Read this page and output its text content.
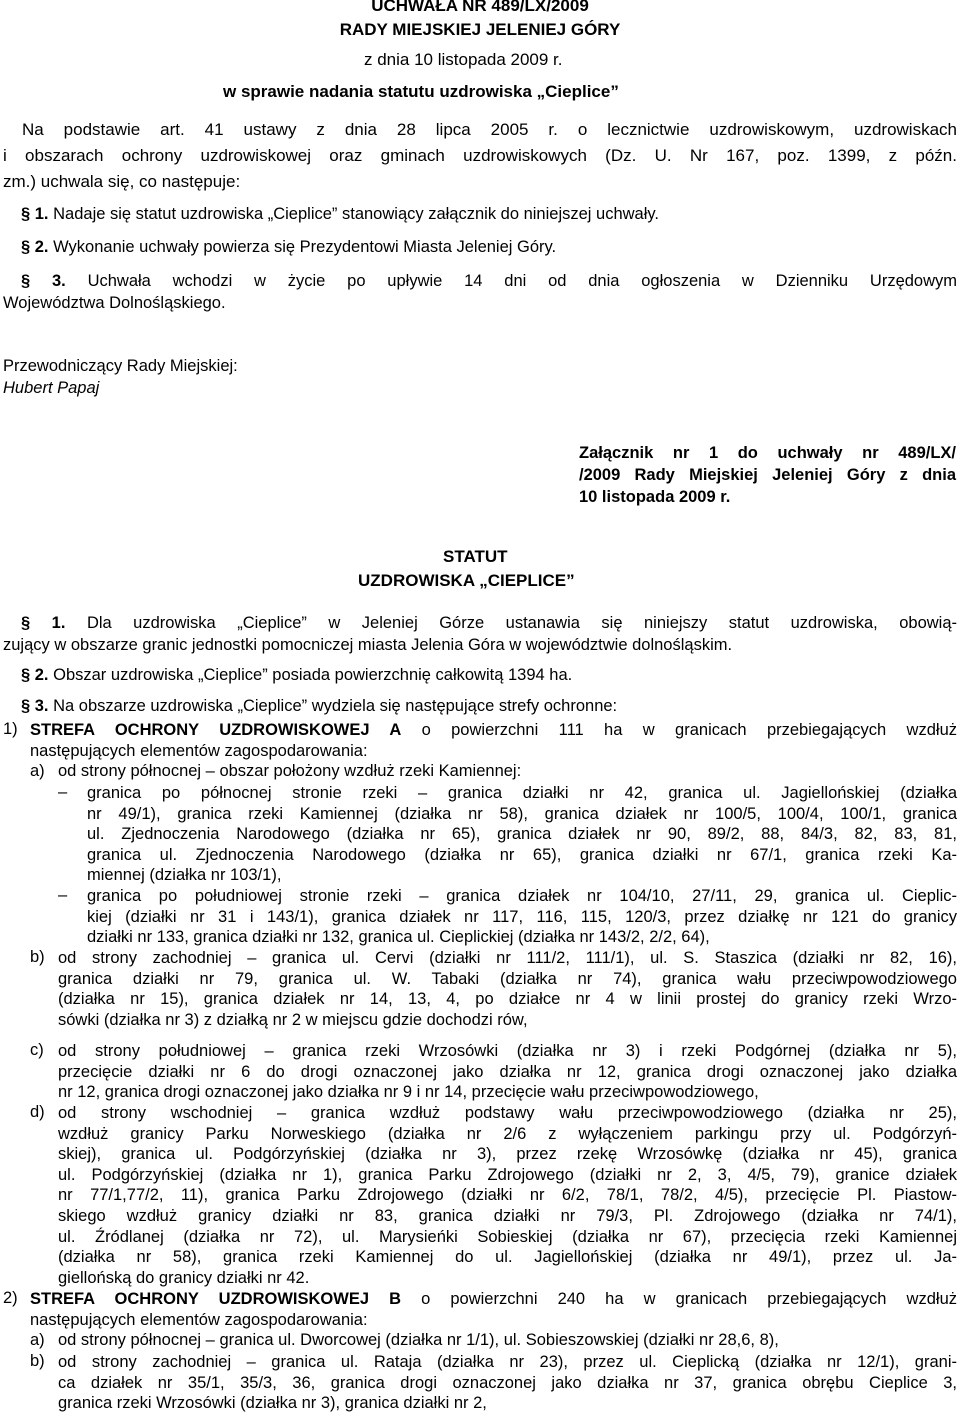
UCHWAŁA NR 489/LX/2009
RADY MIEJSKIEJ JELENIEJ GÓRY
z dnia 10 listopada 2009 r.
w sprawie nadania statutu uzdrowiska „Cieplice”
Na podstawie art. 41 ustawy z dnia 28 lipca 2005 r. o lecznictwie uzdrowiskowym, uzdrowiskach
i obszarach ochrony uzdrowiskowej oraz gminach uzdrowiskowych (Dz. U. Nr 167, poz. 1399, z późn.
zm.) uchwala się, co następuje:
§ 1. Nadaje się statut uzdrowiska „Cieplice” stanowiący załącznik do niniejszej uchwały.
§ 2. Wykonanie uchwały powierza się Prezydentowi Miasta Jeleniej Góry.
§ 3. Uchwała wchodzi w życie po upływie 14 dni od dnia ogłoszenia w Dzienniku Urzędowym
Województwa Dolnośląskiego.
Przewodniczący Rady Miejskiej:
Hubert Papaj
Załącznik nr 1 do uchwały nr 489/LX/
/2009 Rady Miejskiej Jeleniej Góry z dnia
10 listopada 2009 r.
STATUT
UZDROWISKA „CIEPLICE”
§ 1. Dla uzdrowiska „Cieplice” w Jeleniej Górze ustanawia się niniejszy statut uzdrowiska, obowią-
zujący w obszarze granic jednostki pomocniczej miasta Jelenia Góra w województwie dolnośląskim.
§ 2. Obszar uzdrowiska „Cieplice” posiada powierzchnię całkowitą 1394 ha.
§ 3. Na obszarze uzdrowiska „Cieplice” wydziela się następujące strefy ochronne:
1) STREFA OCHRONY UZDROWISKOWEJ A o powierzchni 111 ha w granicach przebiegających wzdłuż
następujących elementów zagospodarowania:
a) od strony północnej – obszar położony wzdłuż rzeki Kamiennej:
– granica po północnej stronie rzeki – granica działki nr 42, granica ul. Jagiellońskiej (działka
nr 49/1), granica rzeki Kamiennej (działka nr 58), granica działek nr 100/5, 100/4, 100/1, granica
ul. Zjednoczenia Narodowego (działka nr 65), granica działek nr 90, 89/2, 88, 84/3, 82, 83, 81,
granica ul. Zjednoczenia Narodowego (działka nr 65), granica działki nr 67/1, granica rzeki Ka-
miennej (działka nr 103/1),
– granica po południowej stronie rzeki – granica działek nr 104/10, 27/11, 29, granica ul. Cieplic-
kiej (działki nr 31 i 143/1), granica działek nr 117, 116, 115, 120/3, przez działkę nr 121 do granicy
działki nr 133, granica działki nr 132, granica ul. Cieplickiej (działka nr 143/2, 2/2, 64),
b) od strony zachodniej – granica ul. Cervi (działki nr 111/2, 111/1), ul. S. Staszica (działki nr 82, 16),
granica działki nr 79, granica ul. W. Tabaki (działka nr 74), granica wału przeciwpowodziowego
(działka nr 15), granica działek nr 14, 13, 4, po działce nr 4 w linii prostej do granicy rzeki Wrzo-
sówki (działka nr 3) z działką nr 2 w miejscu gdzie dochodzi rów,
c) od strony południowej – granica rzeki Wrzosówki (działka nr 3) i rzeki Podgórnej (działka nr 5),
przecięcie działki nr 6 do drogi oznaczonej jako działka nr 12, granica drogi oznaczonej jako działka
nr 12, granica drogi oznaczonej jako działka nr 9 i nr 14, przecięcie wału przeciwpowodziowego,
d) od strony wschodniej – granica wzdłuż podstawy wału przeciwpowodziowego (działka nr 25),
wzdłuż granicy Parku Norweskiego (działka nr 2/6 z wyłączeniem parkingu przy ul. Podgórzyń-
skiej), granica ul. Podgórzyńskiej (działka nr 3), przez rzekę Wrzosówkę (działka nr 45), granica
ul. Podgórzyńskiej (działka nr 1), granica Parku Zdrojowego (działki nr 2, 3, 4/5, 79), granice działek
nr 77/1,77/2, 11), granica Parku Zdrojowego (działki nr 6/2, 78/1, 78/2, 4/5), przecięcie Pl. Piastow-
skiego wzdłuż granicy działki nr 83, granica działki nr 79/3, Pl. Zdrojowego (działka nr 74/1),
ul. Źródlanej (działka nr 72), ul. Marysieńki Sobieskiej (działka nr 67), przecięcia rzeki Kamiennej
(działka nr 58), granica rzeki Kamiennej do ul. Jagiellońskiej (działka nr 49/1), przez ul. Ja-
giellońską do granicy działki nr 42.
2) STREFA OCHRONY UZDROWISKOWEJ B o powierzchni 240 ha w granicach przebiegających wzdłuż
następujących elementów zagospodarowania:
a) od strony północnej – granica ul. Dworcowej (działka nr 1/1), ul. Sobieszowskiej (działki nr 28,6, 8),
b) od strony zachodniej – granica ul. Rataja (działka nr 23), przez ul. Cieplicką (działka nr 12/1), grani-
ca działek nr 35/1, 35/3, 36, granica drogi oznaczonej jako działka nr 37, granica obrębu Cieplice 3,
granica rzeki Wrzosówki (działka nr 3), granica działki nr 2,
